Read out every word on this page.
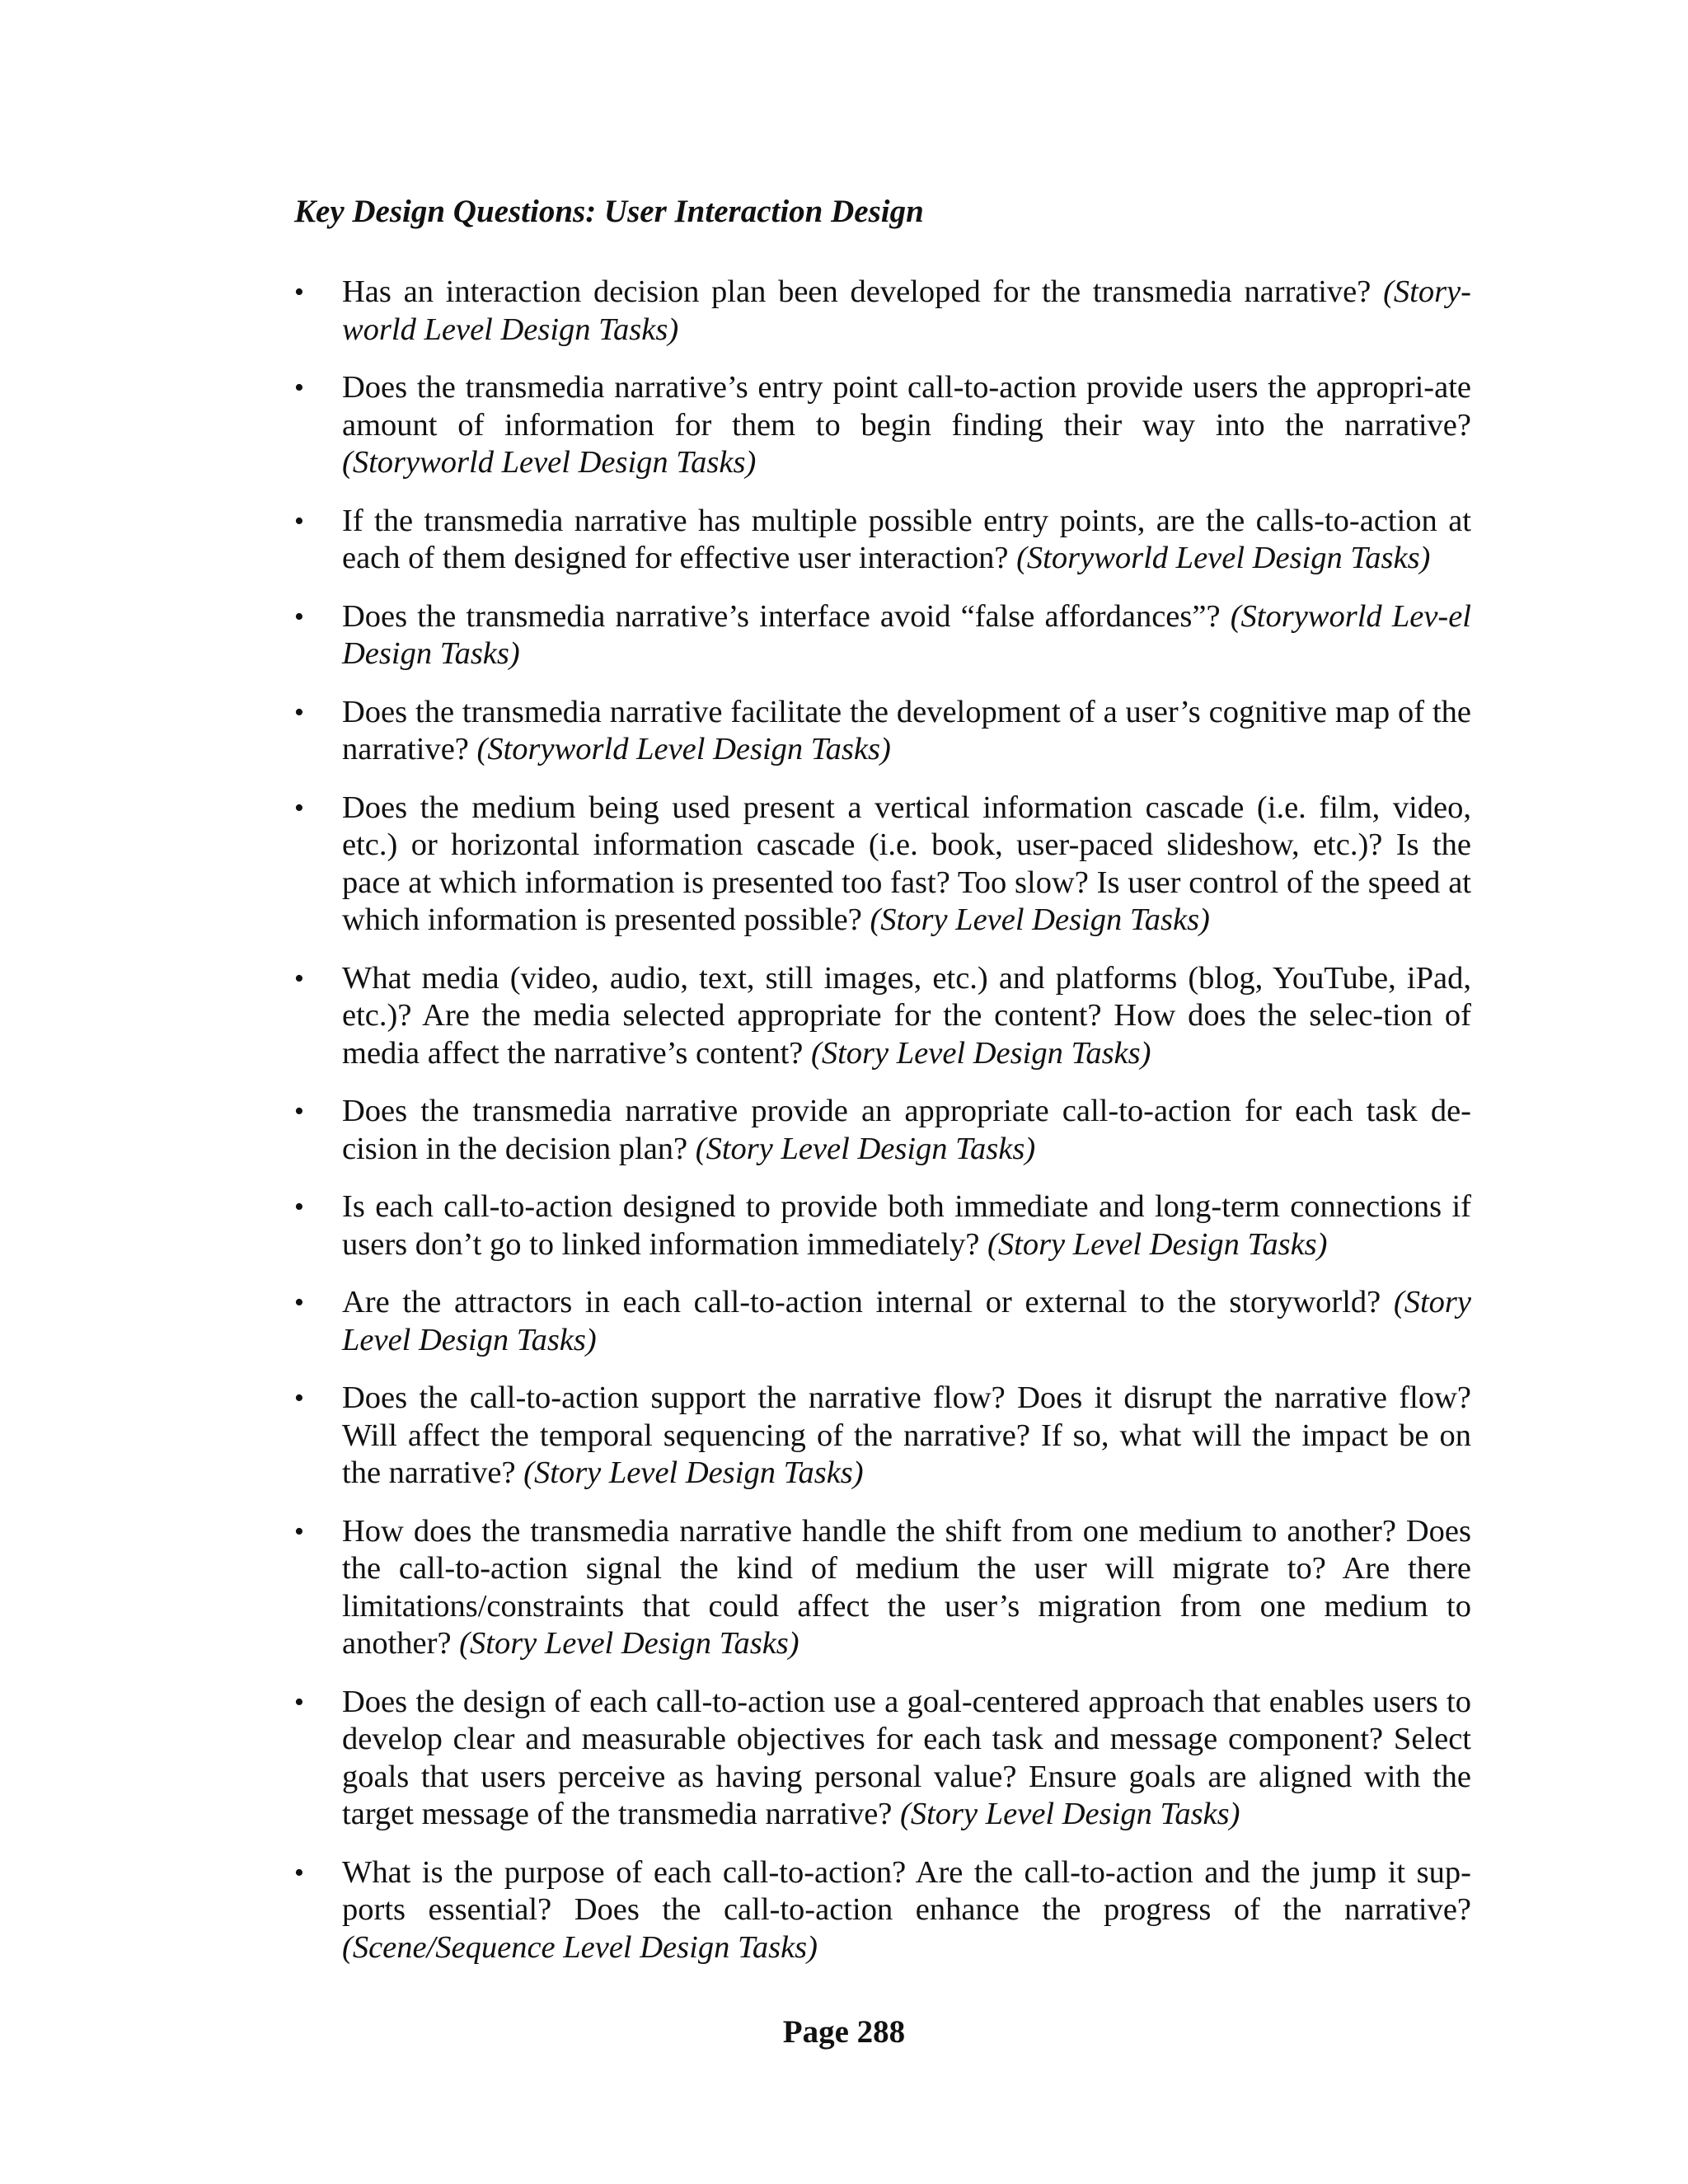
Key Design Questions: User Interaction Design
•	Has an interaction decision plan been developed for the transmedia narrative? (Story-world Level Design Tasks)
•	Does the transmedia narrative’s entry point call-to-action provide users the appropri-ate amount of information for them to begin finding their way into the narrative? (Storyworld Level Design Tasks)
•	If the transmedia narrative has multiple possible entry points, are the calls-to-action at each of them designed for effective user interaction? (Storyworld Level Design Tasks)
•	Does the transmedia narrative’s interface avoid “false affordances”? (Storyworld Lev-el Design Tasks)
•	Does the transmedia narrative facilitate the development of a user’s cognitive map of the narrative? (Storyworld Level Design Tasks)
•	Does the medium being used present a vertical information cascade (i.e. film, video, etc.) or horizontal information cascade (i.e. book, user-paced slideshow, etc.)? Is the pace at which information is presented too fast? Too slow? Is user control of the speed at which information is presented possible? (Story Level Design Tasks)
•	What media (video, audio, text, still images, etc.) and platforms (blog, YouTube, iPad, etc.)? Are the media selected appropriate for the content? How does the selec-tion of media affect the narrative’s content? (Story Level Design Tasks)
•	Does the transmedia narrative provide an appropriate call-to-action for each task de-cision in the decision plan? (Story Level Design Tasks)
•	Is each call-to-action designed to provide both immediate and long-term connections if users don’t go to linked information immediately? (Story Level Design Tasks)
•	Are the attractors in each call-to-action internal or external to the storyworld? (Story Level Design Tasks)
•	Does the call-to-action support the narrative flow? Does it disrupt the narrative flow? Will affect the temporal sequencing of the narrative? If so, what will the impact be on the narrative? (Story Level Design Tasks)
•	How does the transmedia narrative handle the shift from one medium to another? Does the call-to-action signal the kind of medium the user will migrate to? Are there limitations/constraints that could affect the user’s migration from one medium to another? (Story Level Design Tasks)
•	Does the design of each call-to-action use a goal-centered approach that enables users to develop clear and measurable objectives for each task and message component? Select goals that users perceive as having personal value? Ensure goals are aligned with the target message of the transmedia narrative? (Story Level Design Tasks)
•	What is the purpose of each call-to-action? Are the call-to-action and the jump it sup-ports essential? Does the call-to-action enhance the progress of the narrative? (Scene/Sequence Level Design Tasks)

Page 288
